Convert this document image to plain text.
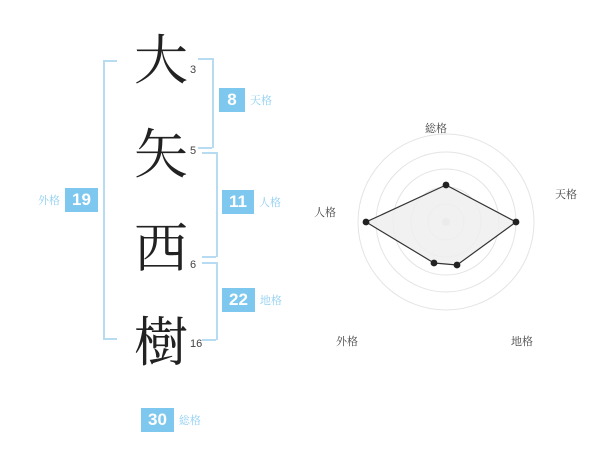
大
矢
西
樹
3
5
6
16
8	天格
11	人格
22	地格
外格 19
30	総格
総格
天格
地格
外格
人格
